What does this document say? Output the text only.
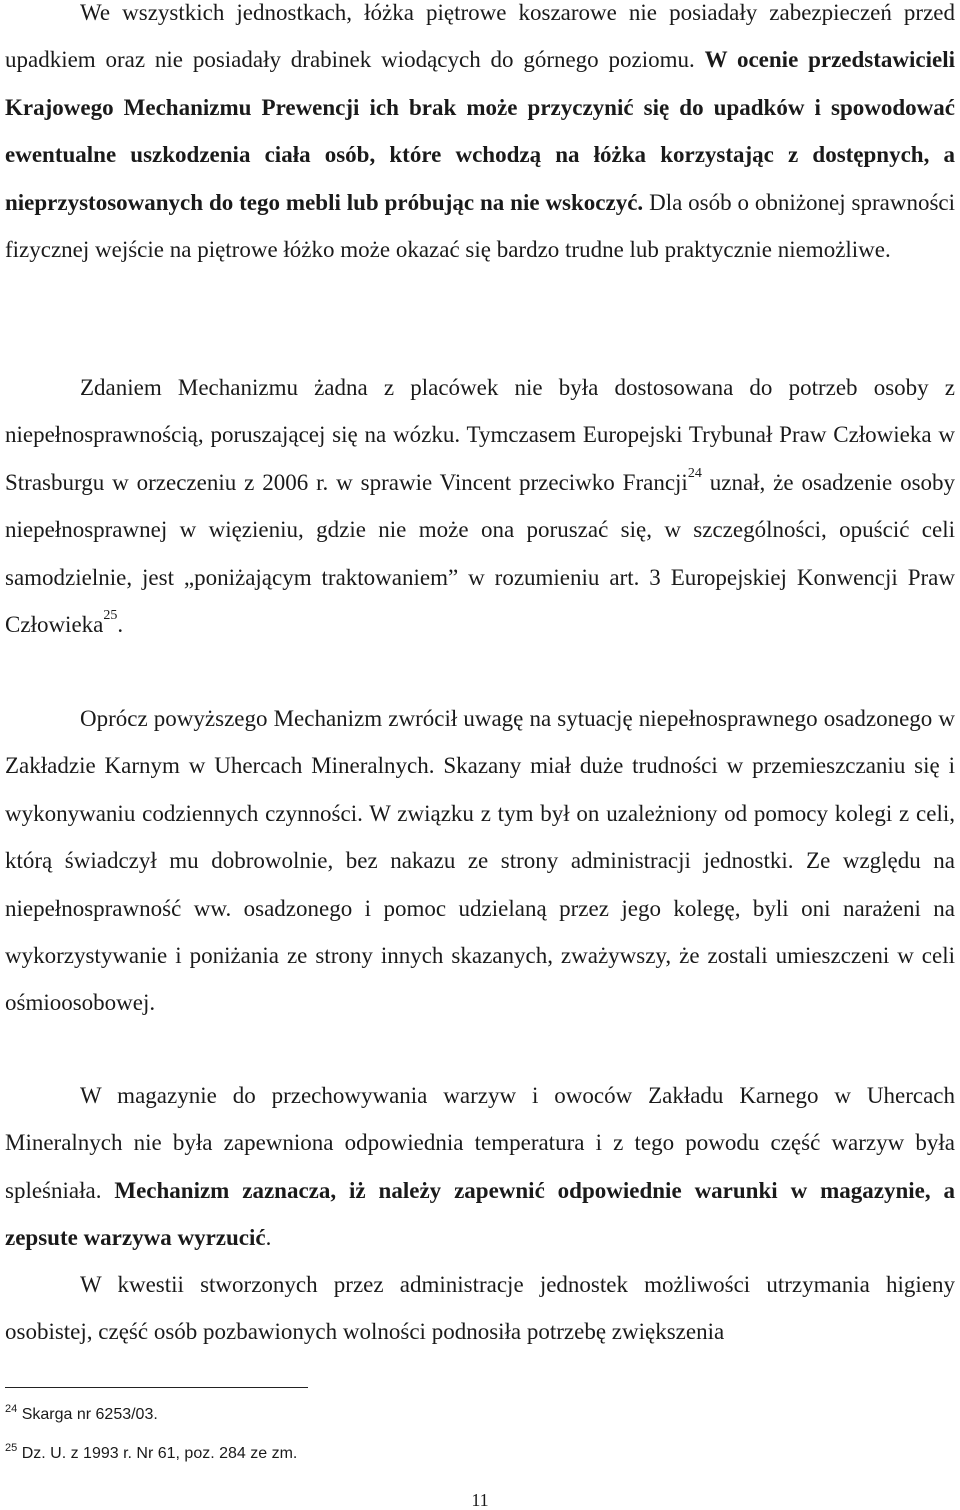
We wszystkich jednostkach, łóżka piętrowe koszarowe nie posiadały zabezpieczeń przed upadkiem oraz nie posiadały drabinek wiodących do górnego poziomu. W ocenie przedstawicieli Krajowego Mechanizmu Prewencji ich brak może przyczynić się do upadków i spowodować ewentualne uszkodzenia ciała osób, które wchodzą na łóżka korzystając z dostępnych, a nieprzystosowanych do tego mebli lub próbując na nie wskoczyć. Dla osób o obniżonej sprawności fizycznej wejście na piętrowe łóżko może okazać się bardzo trudne lub praktycznie niemożliwe.

Zdaniem Mechanizmu żadna z placówek nie była dostosowana do potrzeb osoby z niepełnosprawnością, poruszającej się na wózku. Tymczasem Europejski Trybunał Praw Człowieka w Strasburgu w orzeczeniu z 2006 r. w sprawie Vincent przeciwko Francji$^{24}$ uznał, że osadzenie osoby niepełnosprawnej w więzieniu, gdzie nie może ona poruszać się, w szczególności, opuścić celi samodzielnie, jest „poniżającym traktowaniem” w rozumieniu art. 3 Europejskiej Konwencji Praw Człowieka$^{25}$.

Oprócz powyższego Mechanizm zwrócił uwagę na sytuację niepełnosprawnego osadzonego w Zakładzie Karnym w Uhercach Mineralnych. Skazany miał duże trudności w przemieszczaniu się i wykonywaniu codziennych czynności. W związku z tym był on uzależniony od pomocy kolegi z celi, którą świadczył mu dobrowolnie, bez nakazu ze strony administracji jednostki. Ze względu na niepełnosprawność ww. osadzonego i pomoc udzielaną przez jego kolegę, byli oni narażeni na wykorzystywanie i poniżania ze strony innych skazanych, zważywszy, że zostali umieszczeni w celi ośmioosobowej.

W magazynie do przechowywania warzyw i owoców Zakładu Karnego w Uhercach Mineralnych nie była zapewniona odpowiednia temperatura i z tego powodu część warzyw była spleśniała. Mechanizm zaznacza, iż należy zapewnić odpowiednie warunki w magazynie, a zepsute warzywa wyrzucić.

W kwestii stworzonych przez administracje jednostek możliwości utrzymania higieny osobistej, część osób pozbawionych wolności podnosiła potrzebę zwiększenia

$^{24}$ Skarga nr 6253/03.

$^{25}$ Dz. U. z 1993 r. Nr 61, poz. 284 ze zm.

11
